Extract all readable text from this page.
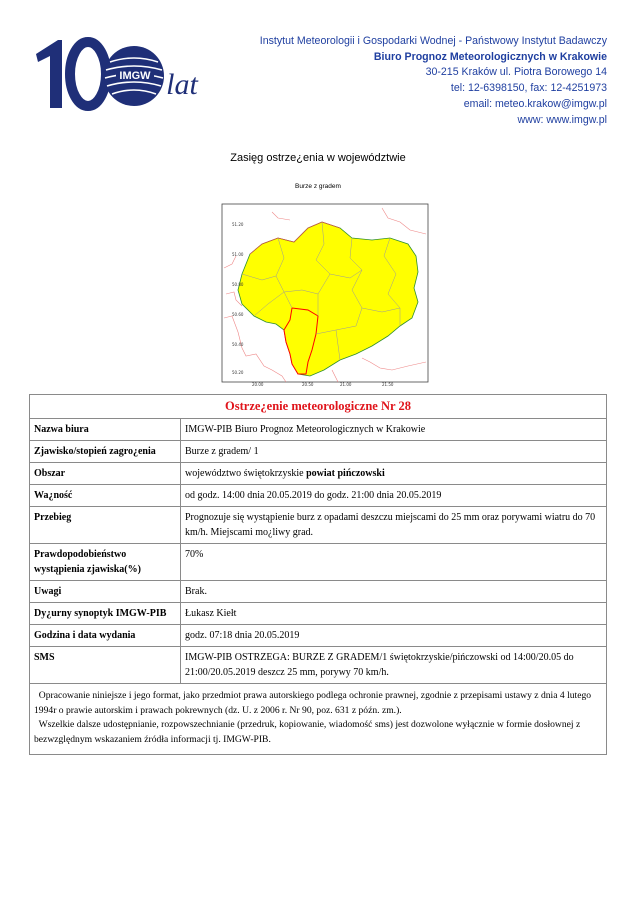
IMGW lat
Instytut Meteorologii i Gospodarki Wodnej - Państwowy Instytut Badawczy
Biuro Prognoz Meteorologicznych w Krakowie
30-215 Kraków ul. Piotra Borowego 14
tel: 12-6398150, fax: 12-4251973
email: meteo.krakow@imgw.pl
www: www.imgw.pl
Zasięg ostrze¿enia w województwie
Burze z gradem
51.20
51.00
50.80
50.60
50.40
50.20
20.00	20.50	21.00	21.50
Ostrze¿enie meteorologiczne Nr 28	
Nazwa biura	IMGW-PIB Biuro Prognoz Meteorologicznych w Krakowie
Zjawisko/stopień zagro¿enia	Burze z gradem/ 1
Obszar	województwo świętokrzyskie powiat pińczowski
Wa¿ność	od godz. 14:00 dnia 20.05.2019 do godz. 21:00 dnia 20.05.2019
Przebieg	Prognozuje się wystąpienie burz z opadami deszczu miejscami do 25 mm oraz porywami wiatru do 70 km/h. Miejscami mo¿liwy grad.
Prawdopodobieństwo wystąpienia zjawiska(%)	70%
Uwagi	Brak.
Dy¿urny synoptyk IMGW-PIB	Łukasz Kiełt
Godzina i data wydania	godz. 07:18 dnia 20.05.2019
SMS	IMGW-PIB OSTRZEGA: BURZE Z GRADEM/1 świętokrzyskie/pińczowski od 14:00/20.05 do 21:00/20.05.2019 deszcz 25 mm, porywy 70 km/h.

Opracowanie niniejsze i jego format, jako przedmiot prawa autorskiego podlega ochronie prawnej, zgodnie z przepisami ustawy z dnia 4 lutego 1994r o prawie autorskim i prawach pokrewnych (dz. U. z 2006 r. Nr 90, poz. 631 z późn. zm.).
Wszelkie dalsze udostępnianie, rozpowszechnianie (przedruk, kopiowanie, wiadomość sms) jest dozwolone wyłącznie w formie dosłownej z bezwzględnym wskazaniem źródła informacji tj. IMGW-PIB.	
